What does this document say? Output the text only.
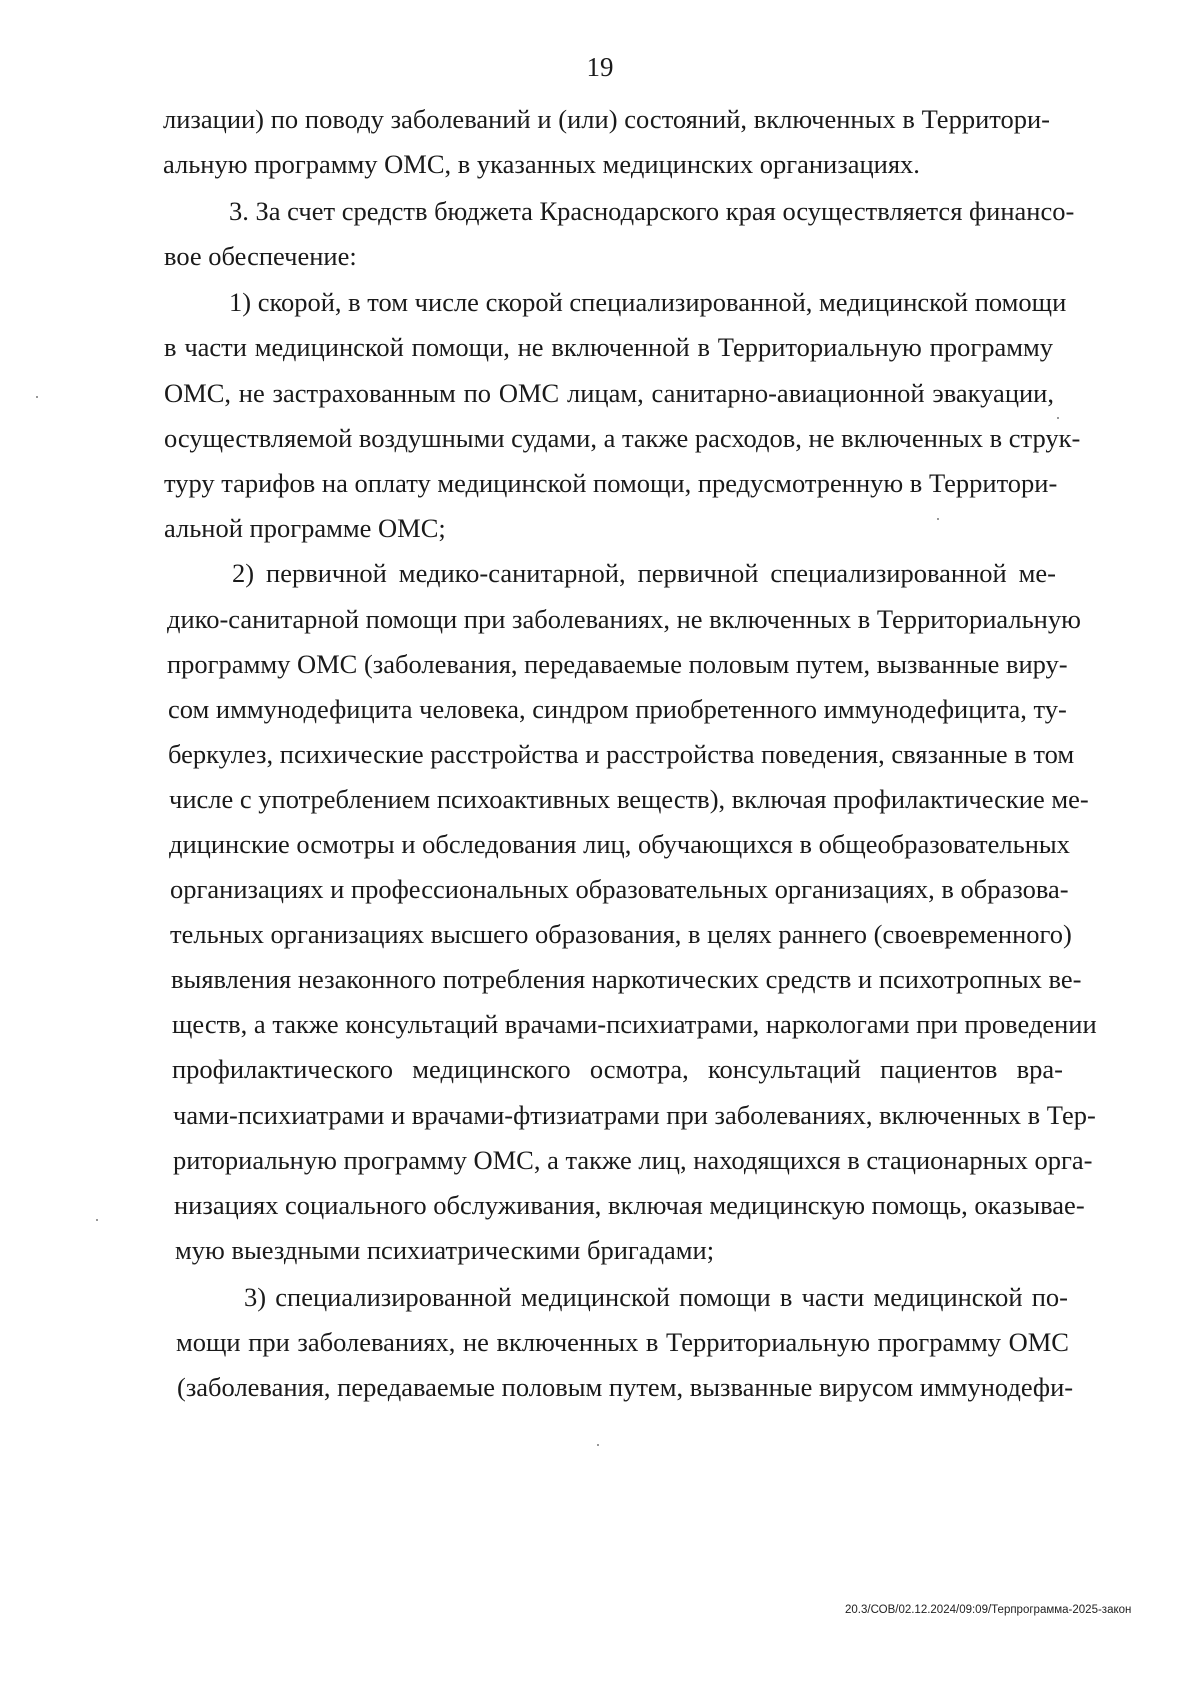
19
лизации) по поводу заболеваний и (или) состояний, включенных в Территори-
альную программу ОМС, в указанных медицинских организациях.
3. За счет средств бюджета Краснодарского края осуществляется финансо-
вое обеспечение:
1) скорой, в том числе скорой специализированной, медицинской помощи
в части медицинской помощи, не включенной в Территориальную программу
ОМС, не застрахованным по ОМС лицам, санитарно-авиационной эвакуации,
осуществляемой воздушными судами, а также расходов, не включенных в струк-
туру тарифов на оплату медицинской помощи, предусмотренную в Территори-
альной программе ОМС;
2) первичной медико-санитарной, первичной специализированной ме-
дико-санитарной помощи при заболеваниях, не включенных в Территориальную
программу ОМС (заболевания, передаваемые половым путем, вызванные виру-
сом иммунодефицита человека, синдром приобретенного иммунодефицита, ту-
беркулез, психические расстройства и расстройства поведения, связанные в том
числе с употреблением психоактивных веществ), включая профилактические ме-
дицинские осмотры и обследования лиц, обучающихся в общеобразовательных
организациях и профессиональных образовательных организациях, в образова-
тельных организациях высшего образования, в целях раннего (своевременного)
выявления незаконного потребления наркотических средств и психотропных ве-
ществ, а также консультаций врачами-психиатрами, наркологами при проведении
профилактического медицинского осмотра, консультаций пациентов вра-
чами-психиатрами и врачами-фтизиатрами при заболеваниях, включенных в Тер-
риториальную программу ОМС, а также лиц, находящихся в стационарных орга-
низациях социального обслуживания, включая медицинскую помощь, оказывае-
мую выездными психиатрическими бригадами;
3) специализированной медицинской помощи в части медицинской по-
мощи при заболеваниях, не включенных в Территориальную программу ОМС
(заболевания, передаваемые половым путем, вызванные вирусом иммунодефи-
20.3/СОВ/02.12.2024/09:09/Терпрограмма-2025-закон
